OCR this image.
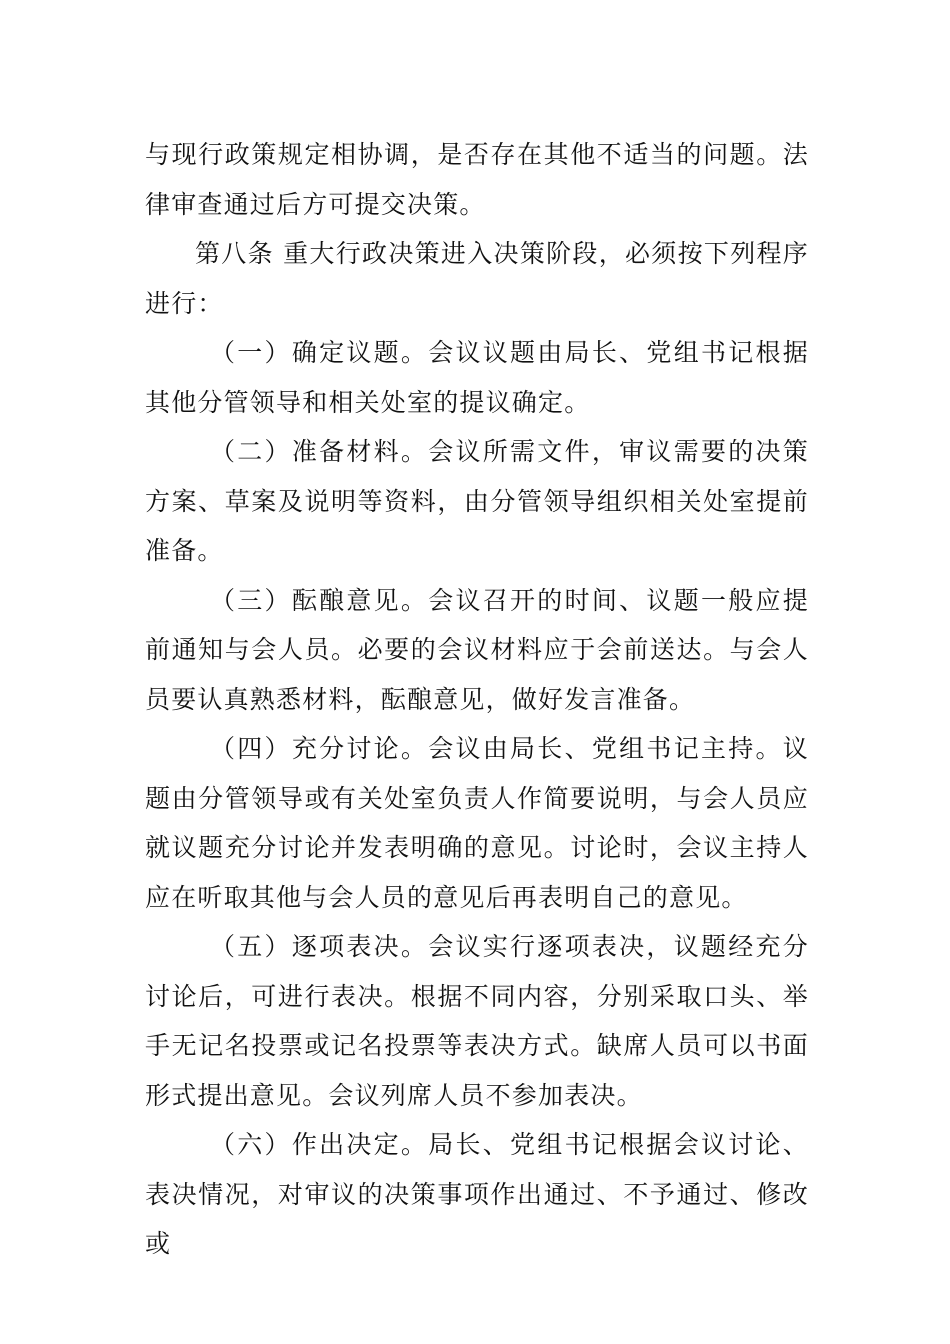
与现行政策规定相协调，是否存在其他不适当的问题。法律审查通过后方可提交决策。

第八条 重大行政决策进入决策阶段，必须按下列程序进行：

（一）确定议题。会议议题由局长、党组书记根据其他分管领导和相关处室的提议确定。

（二）准备材料。会议所需文件，审议需要的决策方案、草案及说明等资料，由分管领导组织相关处室提前准备。

（三）酝酿意见。会议召开的时间、议题一般应提前通知与会人员。必要的会议材料应于会前送达。与会人员要认真熟悉材料，酝酿意见，做好发言准备。

（四）充分讨论。会议由局长、党组书记主持。议题由分管领导或有关处室负责人作简要说明，与会人员应就议题充分讨论并发表明确的意见。讨论时，会议主持人应在听取其他与会人员的意见后再表明自己的意见。

（五）逐项表决。会议实行逐项表决，议题经充分讨论后，可进行表决。根据不同内容，分别采取口头、举手无记名投票或记名投票等表决方式。缺席人员可以书面形式提出意见。会议列席人员不参加表决。

（六）作出决定。局长、党组书记根据会议讨论、表决情况，对审议的决策事项作出通过、不予通过、修改或
